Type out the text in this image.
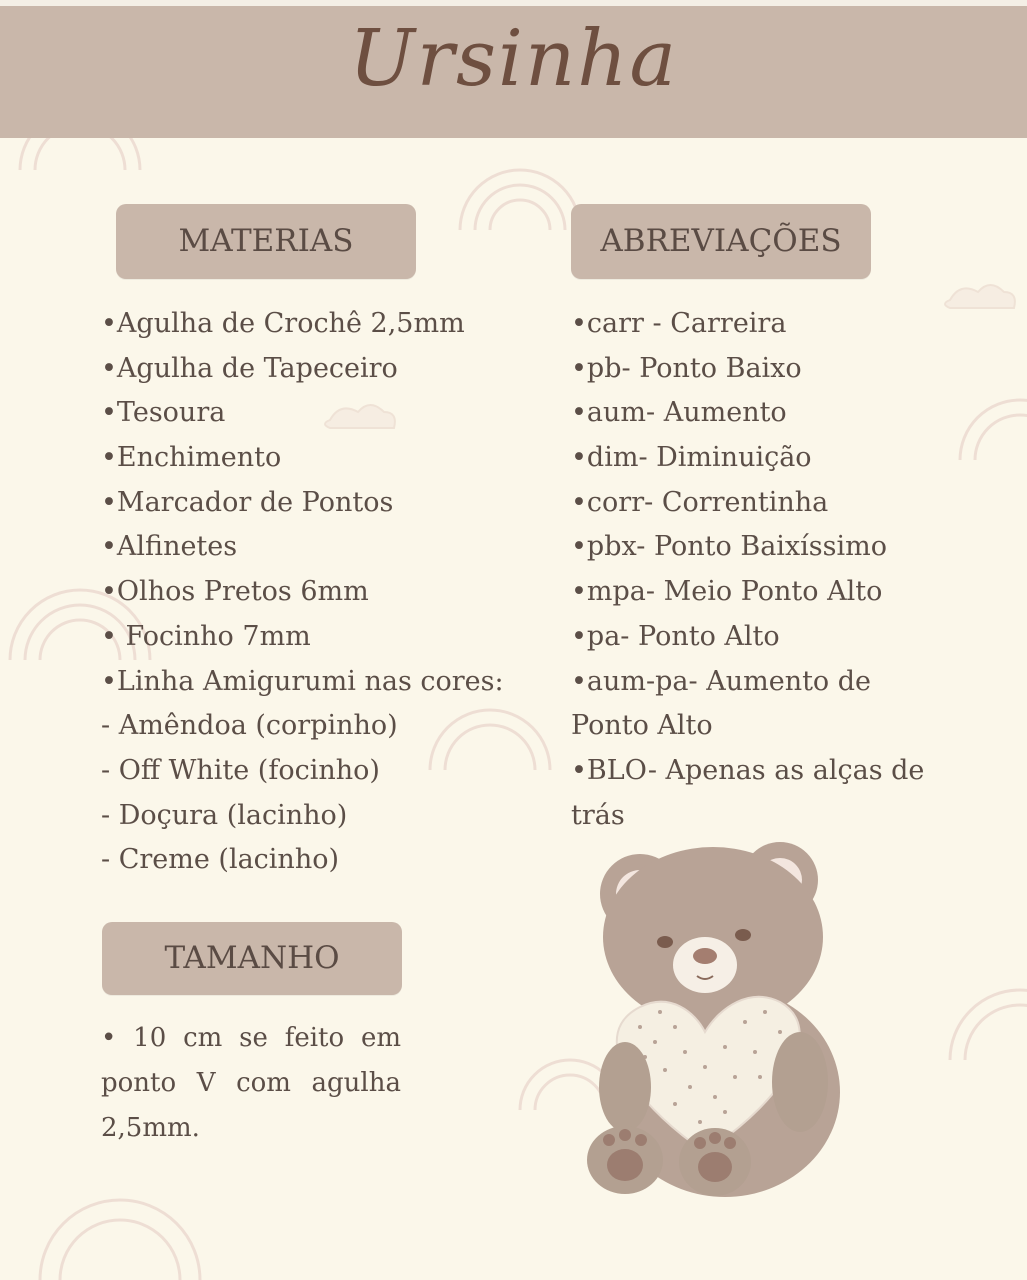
Ursinha
MATERIAS	ABREVIAÇÕES
•Agulha de Crochê 2,5mm
•Agulha de Tapeceiro
•Tesoura
•Enchimento
•Marcador de Pontos
•Alfinetes
•Olhos Pretos 6mm
• Focinho 7mm
•Linha Amigurumi nas cores:
- Amêndoa (corpinho)
- Off White (focinho)
- Doçura (lacinho)
- Creme (lacinho)
•carr - Carreira
•pb- Ponto Baixo
•aum- Aumento
•dim- Diminuição
•corr- Correntinha
•pbx- Ponto Baixíssimo
•mpa- Meio Ponto Alto
•pa- Ponto Alto
•aum-pa- Aumento de
Ponto Alto
•BLO- Apenas as alças de
trás
TAMANHO
• 10 cm se feito em ponto V com agulha 2,5mm.
